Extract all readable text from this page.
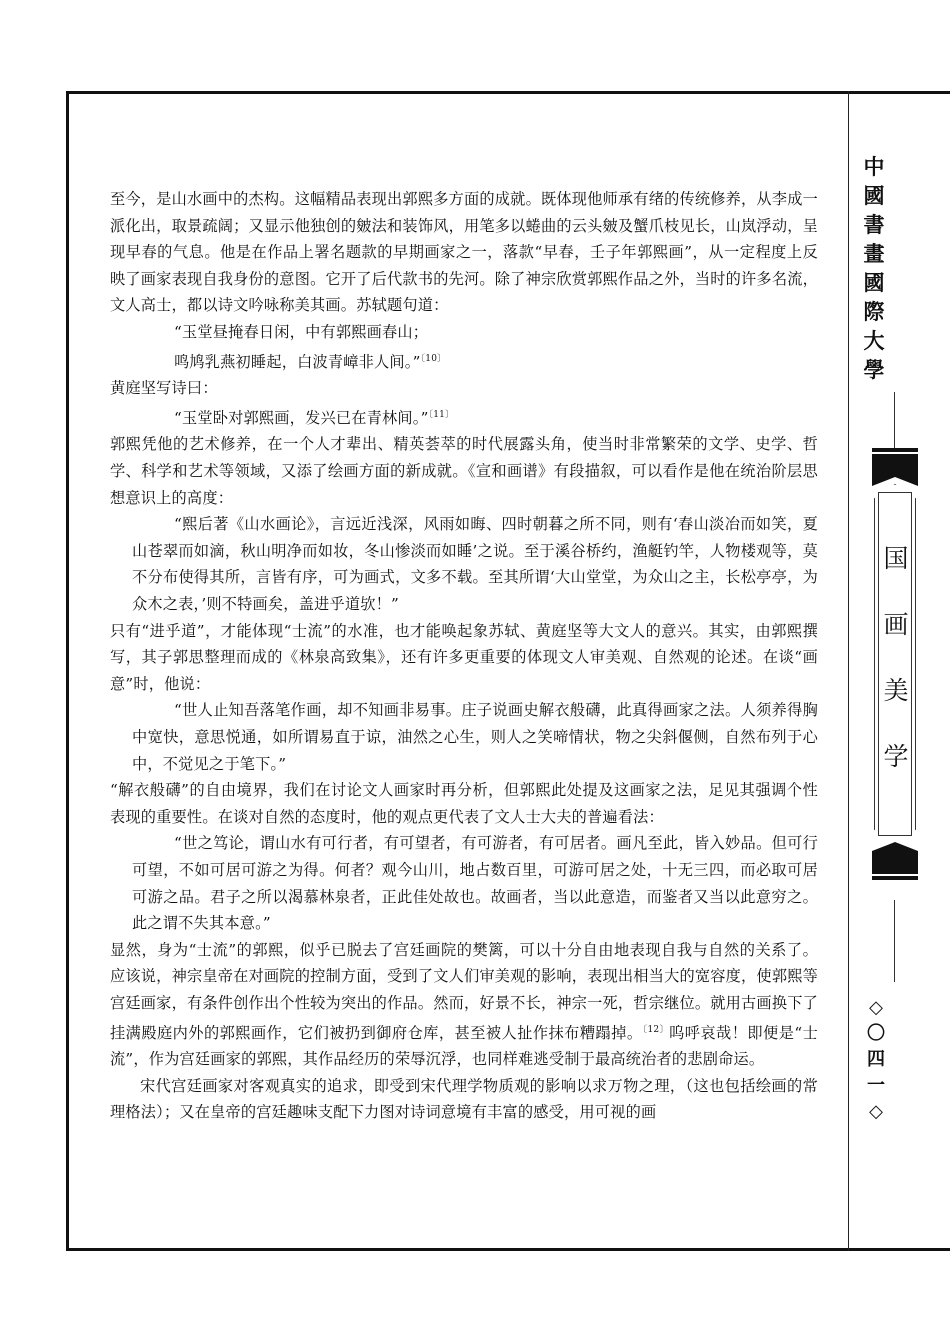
中
國
書
畫
國
際
大
學
国
画
美
学
◇
〇
四
一
◇

至今，是山水画中的杰构。这幅精品表现出郭熙多方面的成就。既体现他师承有绪的传统修养，从李成一派化出，取景疏阔；又显示他独创的皴法和装饰风，用笔多以蜷曲的云头皴及蟹爪枝见长，山岚浮动，呈现早春的气息。他是在作品上署名题款的早期画家之一，落款“早春，壬子年郭熙画”，从一定程度上反映了画家表现自我身份的意图。它开了后代款书的先河。除了神宗欣赏郭熙作品之外，当时的许多名流，文人高士，都以诗文吟咏称美其画。苏轼题句道：

“玉堂昼掩春日闲，中有郭熙画春山；

鸣鸠乳燕初睡起，白波青嶂非人间。”$^{〔10〕}$

黄庭坚写诗曰：

“玉堂卧对郭熙画，发兴已在青林间。”$^{〔11〕}$

郭熙凭他的艺术修养，在一个人才辈出、精英荟萃的时代展露头角，使当时非常繁荣的文学、史学、哲学、科学和艺术等领域，又添了绘画方面的新成就。《宣和画谱》有段描叙，可以看作是他在统治阶层思想意识上的高度：

“熙后著《山水画论》，言远近浅深，风雨如晦、四时朝暮之所不同，则有‘春山淡冶而如笑，夏山苍翠而如滴，秋山明净而如妆，冬山惨淡而如睡’之说。至于溪谷桥约，渔艇钓竿，人物楼观等，莫不分布使得其所，言皆有序，可为画式，文多不载。至其所谓‘大山堂堂，为众山之主，长松亭亭，为众木之表，’则不特画矣，盖进乎道欤！”

只有“进乎道”，才能体现“士流”的水准，也才能唤起象苏轼、黄庭坚等大文人的意兴。其实，由郭熙撰写，其子郭思整理而成的《林泉高致集》，还有许多更重要的体现文人审美观、自然观的论述。在谈“画意”时，他说：

“世人止知吾落笔作画，却不知画非易事。庄子说画史解衣般礴，此真得画家之法。人须养得胸中宽快，意思悦通，如所谓易直于谅，油然之心生，则人之笑啼情状，物之尖斜偃侧，自然布列于心中，不觉见之于笔下。”

“解衣般礴”的自由境界，我们在讨论文人画家时再分析，但郭熙此处提及这画家之法，足见其强调个性表现的重要性。在谈对自然的态度时，他的观点更代表了文人士大夫的普遍看法：

“世之笃论，谓山水有可行者，有可望者，有可游者，有可居者。画凡至此，皆入妙品。但可行可望，不如可居可游之为得。何者？观今山川，地占数百里，可游可居之处，十无三四，而必取可居可游之品。君子之所以渴慕林泉者，正此佳处故也。故画者，当以此意造，而鉴者又当以此意穷之。此之谓不失其本意。”

显然，身为“士流”的郭熙，似乎已脱去了宫廷画院的樊篱，可以十分自由地表现自我与自然的关系了。应该说，神宗皇帝在对画院的控制方面，受到了文人们审美观的影响，表现出相当大的宽容度，使郭熙等宫廷画家，有条件创作出个性较为突出的作品。然而，好景不长，神宗一死，哲宗继位。就用古画换下了挂满殿庭内外的郭熙画作，它们被扔到御府仓库，甚至被人扯作抹布糟蹋掉。$^{〔12〕}$呜呼哀哉！即便是“士流”，作为宫廷画家的郭熙，其作品经历的荣辱沉浮，也同样难逃受制于最高统治者的悲剧命运。

宋代宫廷画家对客观真实的追求，即受到宋代理学物质观的影响以求万物之理，（这也包括绘画的常理格法）；又在皇帝的宫廷趣味支配下力图对诗词意境有丰富的感受，用可视的画
